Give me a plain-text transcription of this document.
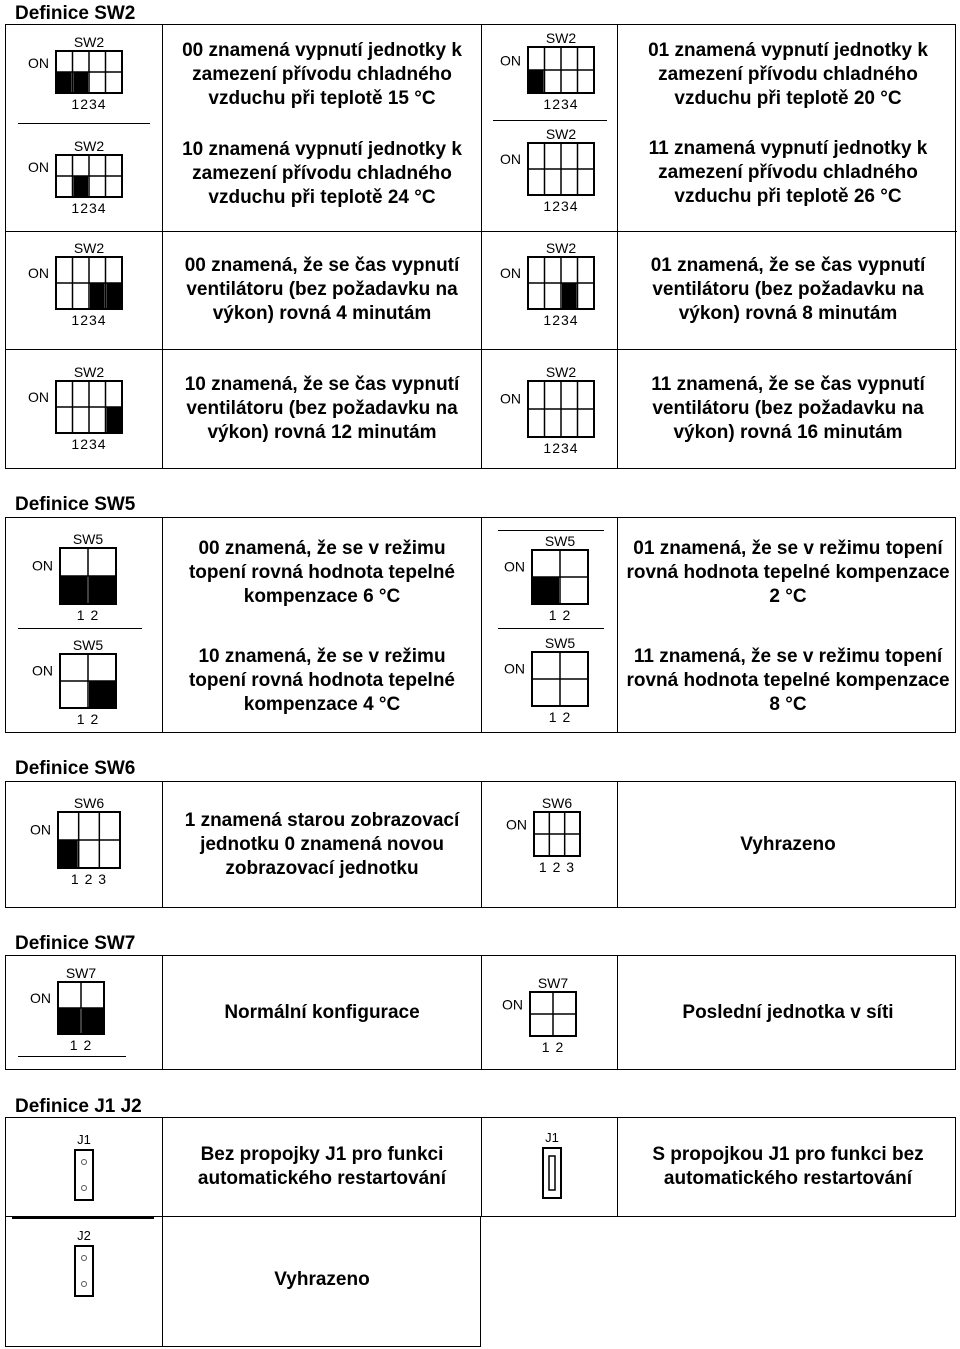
Definice SW2
SW2
ON
1234
SW2
ON
1234
SW2
ON
1234
SW2
ON
1234
SW2
ON
1234
SW2
ON
1234
SW2
ON
1234
SW2
ON
1234
00 znamená vypnutí jednotky k zamezení přívodu chladného vzduchu při teplotě 15 °C
10 znamená vypnutí jednotky k zamezení přívodu chladného vzduchu při teplotě 24 °C
01 znamená vypnutí jednotky k zamezení přívodu chladného vzduchu při teplotě 20 °C
11 znamená vypnutí jednotky k zamezení přívodu chladného vzduchu při teplotě 26 °C
00 znamená, že se čas vypnutí ventilátoru (bez požadavku na výkon) rovná 4 minutám
01 znamená, že se čas vypnutí ventilátoru (bez požadavku na výkon) rovná 8 minutám
10 znamená, že se čas vypnutí ventilátoru (bez požadavku na výkon) rovná 12 minutám
11 znamená, že se čas vypnutí ventilátoru (bez požadavku na výkon) rovná 16 minutám
Definice SW5
SW5
ON
1 2
SW5
ON
1 2
SW5
ON
1 2
SW5
ON
1 2
00 znamená, že se v režimu topení rovná hodnota tepelné kompenzace 6 °C
01 znamená, že se v režimu topení rovná hodnota tepelné kompenzace 2 °C
10 znamená, že se v režimu topení rovná hodnota tepelné kompenzace 4 °C
11 znamená, že se v režimu topení rovná hodnota tepelné kompenzace 8 °C
Definice SW6
SW6
ON
1 2 3
SW6
ON
1 2 3
1 znamená starou zobrazovací jednotku 0 znamená novou zobrazovací jednotku
Vyhrazeno
Definice SW7
SW7
ON
1 2
SW7
ON
1 2
Normální konfigurace	Poslední jednotka v síti
Definice J1 J2
J1	J1
Bez propojky J1 pro funkci automatického restartování
S propojkou J1 pro funkci bez automatického restartování
J2
Vyhrazeno
